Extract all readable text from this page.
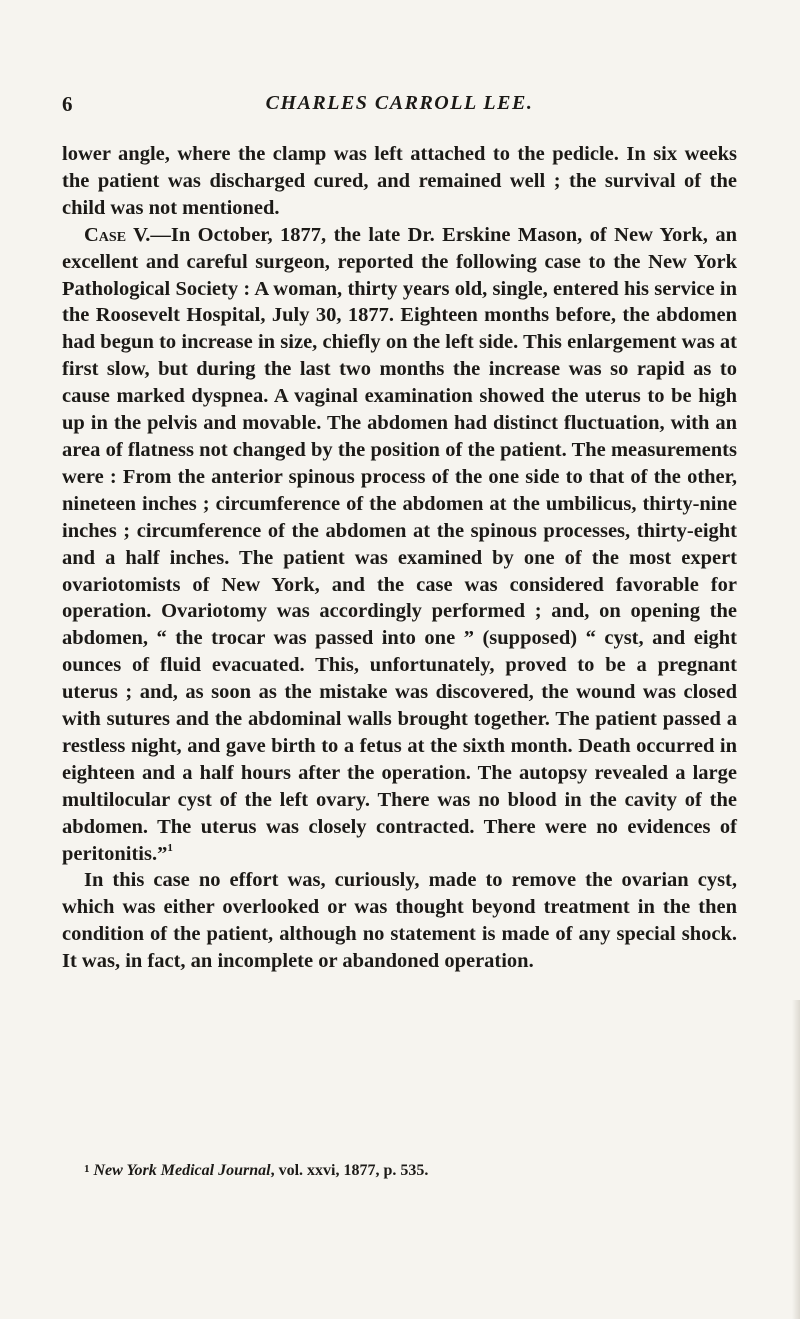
6	CHARLES CARROLL LEE.

lower angle, where the clamp was left attached to the pedicle. In six weeks the patient was discharged cured, and remained well ; the survival of the child was not mentioned.

Case V.—In October, 1877, the late Dr. Erskine Mason, of New York, an excellent and careful surgeon, reported the following case to the New York Pathological Society : A woman, thirty years old, single, entered his service in the Roosevelt Hospital, July 30, 1877. Eighteen months before, the abdomen had begun to increase in size, chiefly on the left side. This enlargement was at first slow, but during the last two months the increase was so rapid as to cause marked dyspnea. A vaginal examination showed the uterus to be high up in the pelvis and movable. The abdomen had distinct fluctuation, with an area of flatness not changed by the position of the patient. The measurements were : From the anterior spinous process of the one side to that of the other, nineteen inches ; circumference of the abdomen at the umbilicus, thirty-nine inches ; circumference of the abdomen at the spinous processes, thirty-eight and a half inches. The patient was examined by one of the most expert ovariotomists of New York, and the case was considered favorable for operation. Ovariotomy was accordingly performed ; and, on opening the abdomen, “ the trocar was passed into one ” (supposed) “ cyst, and eight ounces of fluid evacuated. This, unfortunately, proved to be a pregnant uterus ; and, as soon as the mistake was discovered, the wound was closed with sutures and the abdominal walls brought together. The patient passed a restless night, and gave birth to a fetus at the sixth month. Death occurred in eighteen and a half hours after the operation. The autopsy revealed a large multilocular cyst of the left ovary. There was no blood in the cavity of the abdomen. The uterus was closely contracted. There were no evidences of peritonitis.”$^1$

In this case no effort was, curiously, made to remove the ovarian cyst, which was either overlooked or was thought beyond treatment in the then condition of the patient, although no statement is made of any special shock. It was, in fact, an incomplete or abandoned operation.

$^1$ New York Medical Journal, vol. xxvi, 1877, p. 535.
